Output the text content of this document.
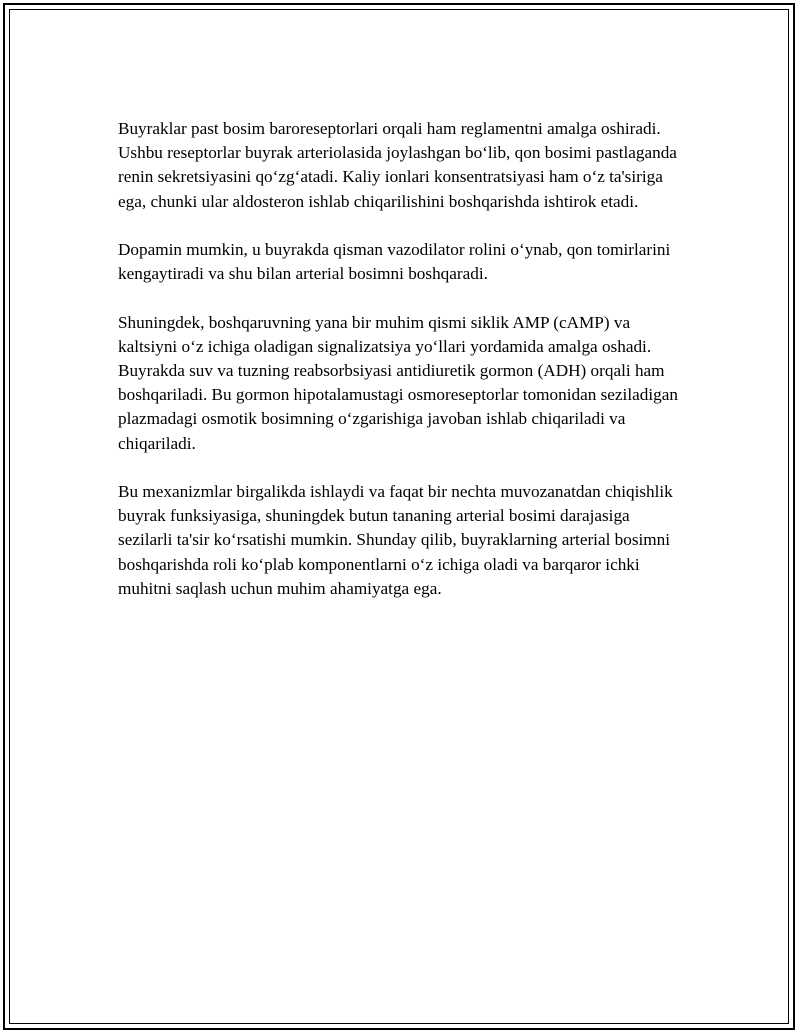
Buyraklar past bosim baroreseptorlari orqali ham reglamentni amalga oshiradi. Ushbu reseptorlar buyrak arteriolasida joylashgan bo‘lib, qon bosimi pastlaganda renin sekretsiyasini qo‘zg‘atadi. Kaliy ionlari konsentratsiyasi ham o‘z ta'siriga ega, chunki ular aldosteron ishlab chiqarilishini boshqarishda ishtirok etadi.

Dopamin mumkin, u buyrakda qisman vazodilator rolini o‘ynab, qon tomirlarini kengaytiradi va shu bilan arterial bosimni boshqaradi.

Shuningdek, boshqaruvning yana bir muhim qismi siklik AMP (cAMP) va kaltsiyni o‘z ichiga oladigan signalizatsiya yo‘llari yordamida amalga oshadi. Buyrakda suv va tuzning reabsorbsiyasi antidiuretik gormon (ADH) orqali ham boshqariladi. Bu gormon hipotalamustagi osmoreseptorlar tomonidan seziladigan plazmadagi osmotik bosimning o‘zgarishiga javoban ishlab chiqariladi va chiqariladi.

Bu mexanizmlar birgalikda ishlaydi va faqat bir nechta muvozanatdan chiqishlik buyrak funksiyasiga, shuningdek butun tananing arterial bosimi darajasiga sezilarli ta'sir ko‘rsatishi mumkin. Shunday qilib, buyraklarning arterial bosimni boshqarishda roli ko‘plab komponentlarni o‘z ichiga oladi va barqaror ichki muhitni saqlash uchun muhim ahamiyatga ega.
